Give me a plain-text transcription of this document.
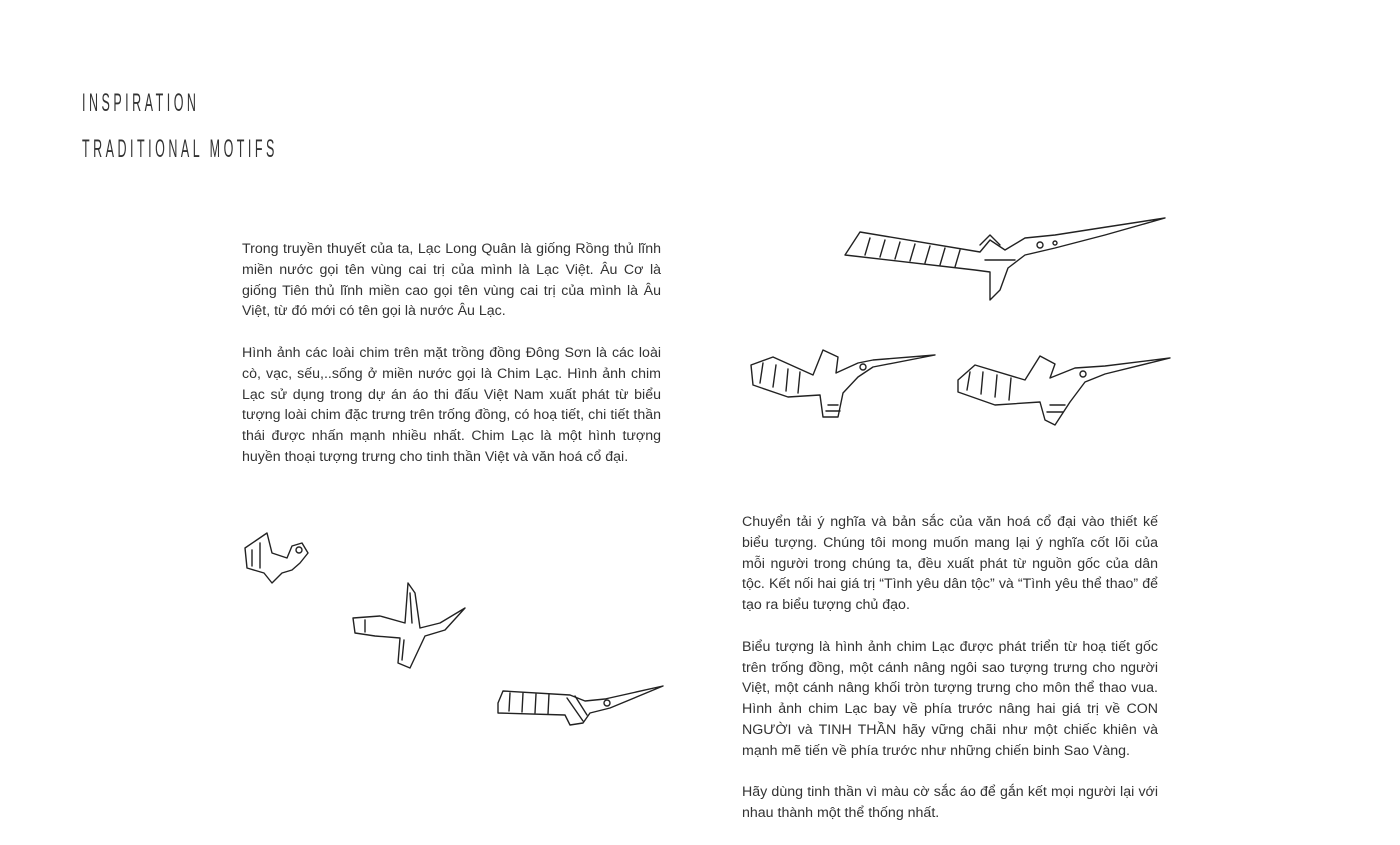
INSPIRATION
TRADITIONAL MOTIFS

Trong truyền thuyết của ta, Lạc Long Quân là giống Rồng thủ lĩnh miền nước gọi tên vùng cai trị của mình là Lạc Việt. Âu Cơ là giống Tiên thủ lĩnh miền cao gọi tên vùng cai trị của mình là Âu Việt, từ đó mới có tên gọi là nước Âu Lạc.

Hình ảnh các loài chim trên mặt trồng đồng Đông Sơn là các loài cò, vạc, sếu,..sống ở miền nước gọi là Chim Lạc. Hình ảnh chim Lạc sử dụng trong dự án áo thi đấu Việt Nam xuất phát từ biểu tượng loài chim đặc trưng trên trống đồng, có hoạ tiết, chi tiết thần thái được nhấn mạnh nhiều nhất. Chim Lạc là một hình tượng huyền thoại tượng trưng cho tinh thần Việt và văn hoá cổ đại.

Chuyển tải ý nghĩa và bản sắc của văn hoá cổ đại vào thiết kế biểu tượng. Chúng tôi mong muốn mang lại ý nghĩa cốt lõi của mỗi người trong chúng ta, đều xuất phát từ nguồn gốc của dân tộc. Kết nối hai giá trị “Tình yêu dân tộc” và “Tình yêu thể thao” để tạo ra biểu tượng chủ đạo.

Biểu tượng là hình ảnh chim Lạc được phát triển từ hoạ tiết gốc trên trống đồng, một cánh nâng ngôi sao tượng trưng cho người Việt, một cánh nâng khối tròn tượng trưng cho môn thể thao vua. Hình ảnh chim Lạc bay về phía trước nâng hai giá trị về CON NGƯỜI và TINH THẦN hãy vững chãi như một chiếc khiên và mạnh mẽ tiến về phía trước như những chiến binh Sao Vàng.

Hãy dùng tinh thần vì màu cờ sắc áo để gắn kết mọi người lại với nhau thành một thể thống nhất.
